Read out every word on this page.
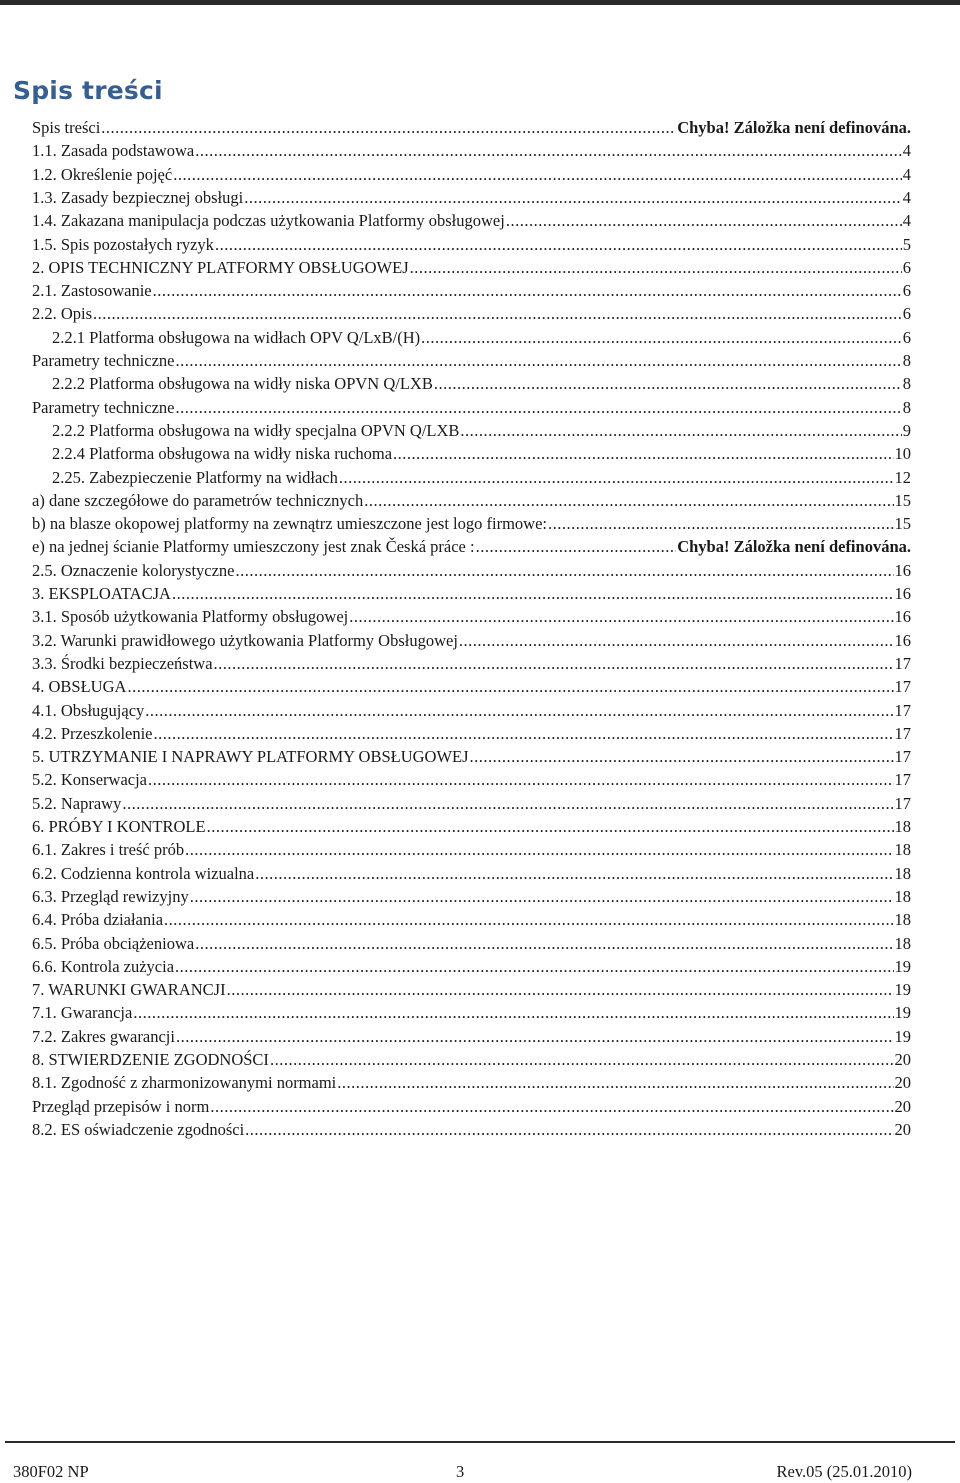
Spis treści
Spis treści .....	Chyba! Záložka není definována.
1.1. Zasada podstawowa .....	4
1.2. Określenie pojęć .....	4
1.3. Zasady bezpiecznej obsługi .....	4
1.4. Zakazana manipulacja podczas użytkowania Platformy obsługowej .....	4
1.5. Spis pozostałych ryzyk .....	5
2. OPIS TECHNICZNY PLATFORMY OBSŁUGOWEJ .....	6
2.1. Zastosowanie .....	6
2.2. Opis .....	6
2.2.1 Platforma obsługowa na widłach OPV Q/LxB/(H) .....	6
Parametry techniczne .....	8
2.2.2 Platforma obsługowa na widły niska OPVN Q/LXB .....	8
Parametry techniczne .....	8
2.2.2 Platforma obsługowa na widły specjalna OPVN Q/LXB .....	9
2.2.4 Platforma obsługowa na widły niska ruchoma .....	10
2.25. Zabezpieczenie Platformy na widłach .....	12
a) dane szczegółowe do parametrów technicznych .....	15
b) na blasze okopowej platformy na zewnątrz umieszczone jest logo firmowe: .....	15
e) na jednej ścianie Platformy umieszczony jest znak Česká práce : .....	Chyba! Záložka není definována.
2.5. Oznaczenie kolorystyczne .....	16
3. EKSPLOATACJA .....	16
3.1. Sposób użytkowania Platformy obsługowej .....	16
3.2. Warunki prawidłowego użytkowania Platformy Obsługowej .....	16
3.3. Środki bezpieczeństwa .....	17
4. OBSŁUGA .....	17
4.1. Obsługujący .....	17
4.2. Przeszkolenie .....	17
5. UTRZYMANIE I NAPRAWY PLATFORMY OBSŁUGOWEJ .....	17
5.2. Konserwacja .....	17
5.2. Naprawy .....	17
6. PRÓBY I KONTROLE .....	18
6.1. Zakres i treść prób .....	18
6.2. Codzienna kontrola wizualna .....	18
6.3. Przegląd rewizyjny .....	18
6.4. Próba działania .....	18
6.5. Próba obciążeniowa .....	18
6.6. Kontrola zużycia .....	19
7. WARUNKI GWARANCJI .....	19
7.1. Gwarancja .....	19
7.2. Zakres gwarancji .....	19
8. STWIERDZENIE ZGODNOŚCI .....	20
8.1. Zgodność z zharmonizowanymi normami .....	20
Przegląd przepisów i norm .....	20
8.2. ES oświadczenie zgodności .....	20
380F02 NP	3	Rev.05 (25.01.2010)
